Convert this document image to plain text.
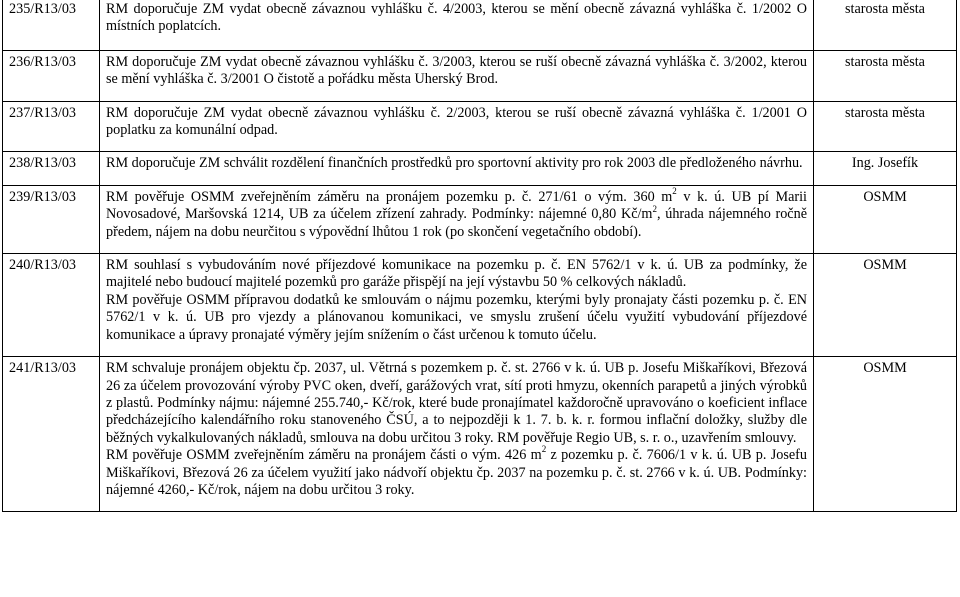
235/R13/03	RM doporučuje ZM vydat obecně závaznou vyhlášku č. 4/2003, kterou se mění obecně závazná vyhláška č. 1/2002 O místních poplatcích.	starosta města
236/R13/03	RM doporučuje ZM vydat obecně závaznou vyhlášku č. 3/2003, kterou se ruší obecně závazná vyhláška č. 3/2002, kterou se mění vyhláška č. 3/2001 O čistotě a pořádku města Uherský Brod.	starosta města
237/R13/03	RM doporučuje ZM vydat obecně závaznou vyhlášku č. 2/2003, kterou se ruší obecně závazná vyhláška č. 1/2001 O poplatku za komunální odpad.	starosta města
238/R13/03	RM doporučuje ZM schválit rozdělení finančních prostředků pro sportovní aktivity pro rok 2003 dle předloženého návrhu.	Ing. Josefík
239/R13/03	RM pověřuje OSMM zveřejněním záměru na pronájem pozemku p. č. 271/61 o vým. 360 $m^2$ v k. ú. UB pí Marii Novosadové, Maršovská 1214, UB za účelem zřízení zahrady. Podmínky: nájemné 0,80 $Kč/m^2$, úhrada nájemného ročně předem, nájem na dobu neurčitou s výpovědní lhůtou 1 rok (po skončení vegetačního období).	OSMM
240/R13/03	RM souhlasí s vybudováním nové příjezdové komunikace na pozemku p. č. EN 5762/1 v k. ú. UB za podmínky, že majitelé nebo budoucí majitelé pozemků pro garáže přispějí na její výstavbu 50 % celkových nákladů.
RM pověřuje OSMM přípravou dodatků ke smlouvám o nájmu pozemku, kterými byly pronajaty části pozemku p. č. EN 5762/1 v k. ú. UB pro vjezdy a plánovanou komunikaci, ve smyslu zrušení účelu využití vybudování příjezdové komunikace a úpravy pronajaté výměry jejím snížením o část určenou k tomuto účelu.	OSMM
241/R13/03	RM schvaluje pronájem objektu čp. 2037, ul. Větrná s pozemkem p. č. st. 2766 v k. ú. UB p. Josefu Miškaříkovi, Březová 26 za účelem provozování výroby PVC oken, dveří, garážových vrat, sítí proti hmyzu, okenních parapetů a jiných výrobků z plastů. Podmínky nájmu: nájemné 255.740,- Kč/rok, které bude pronajímatel každoročně upravováno o koeficient inflace předcházejícího kalendářního roku stanoveného ČSÚ, a to nejpozději k 1. 7. b. k. r. formou inflační doložky, služby dle běžných vykalkulovaných nákladů, smlouva na dobu určitou 3 roky. RM pověřuje Regio UB, s. r. o., uzavřením smlouvy.
RM pověřuje OSMM zveřejněním záměru na pronájem části o vým. 426 $m^2$ z pozemku p. č. 7606/1 v k. ú. UB p. Josefu Miškaříkovi, Březová 26 za účelem využití jako nádvoří objektu čp. 2037 na pozemku p. č. st. 2766 v k. ú. UB. Podmínky: nájemné 4260,- Kč/rok, nájem na dobu určitou 3 roky.	OSMM
